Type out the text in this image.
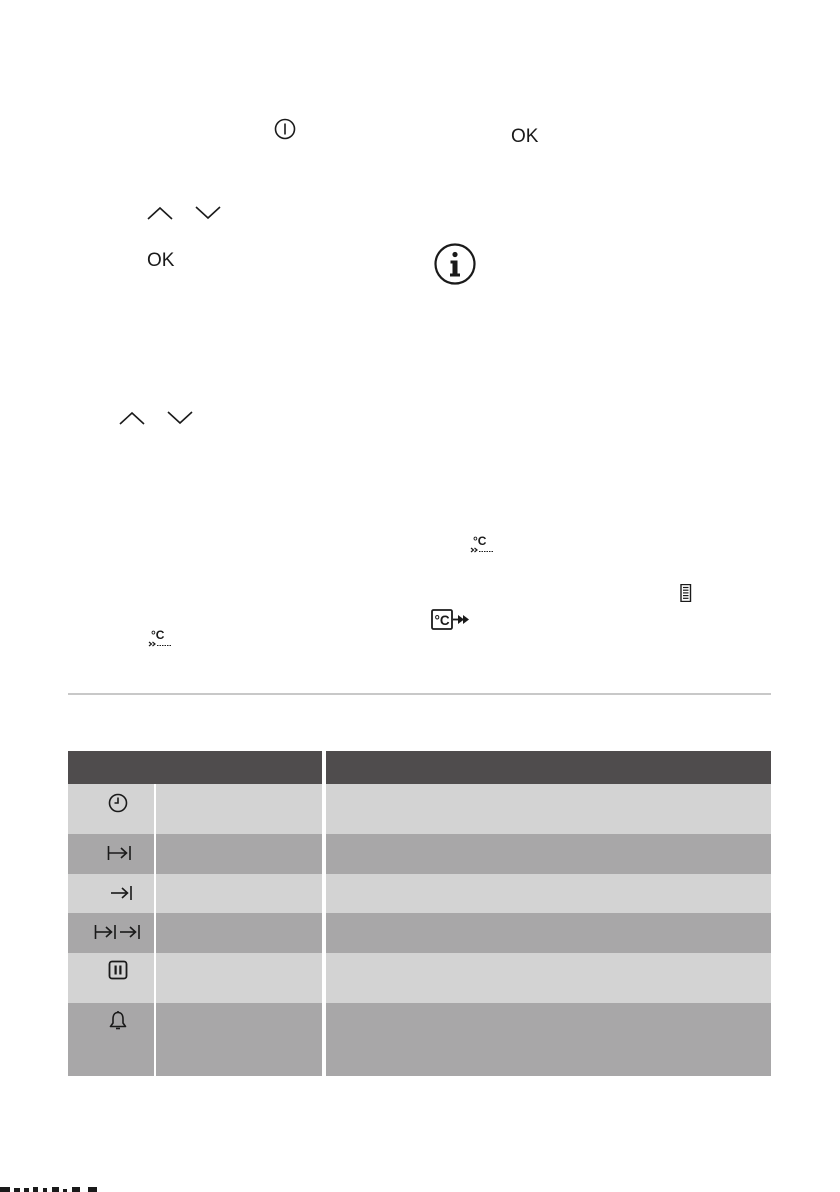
OK
OK
°C
°C
°C
